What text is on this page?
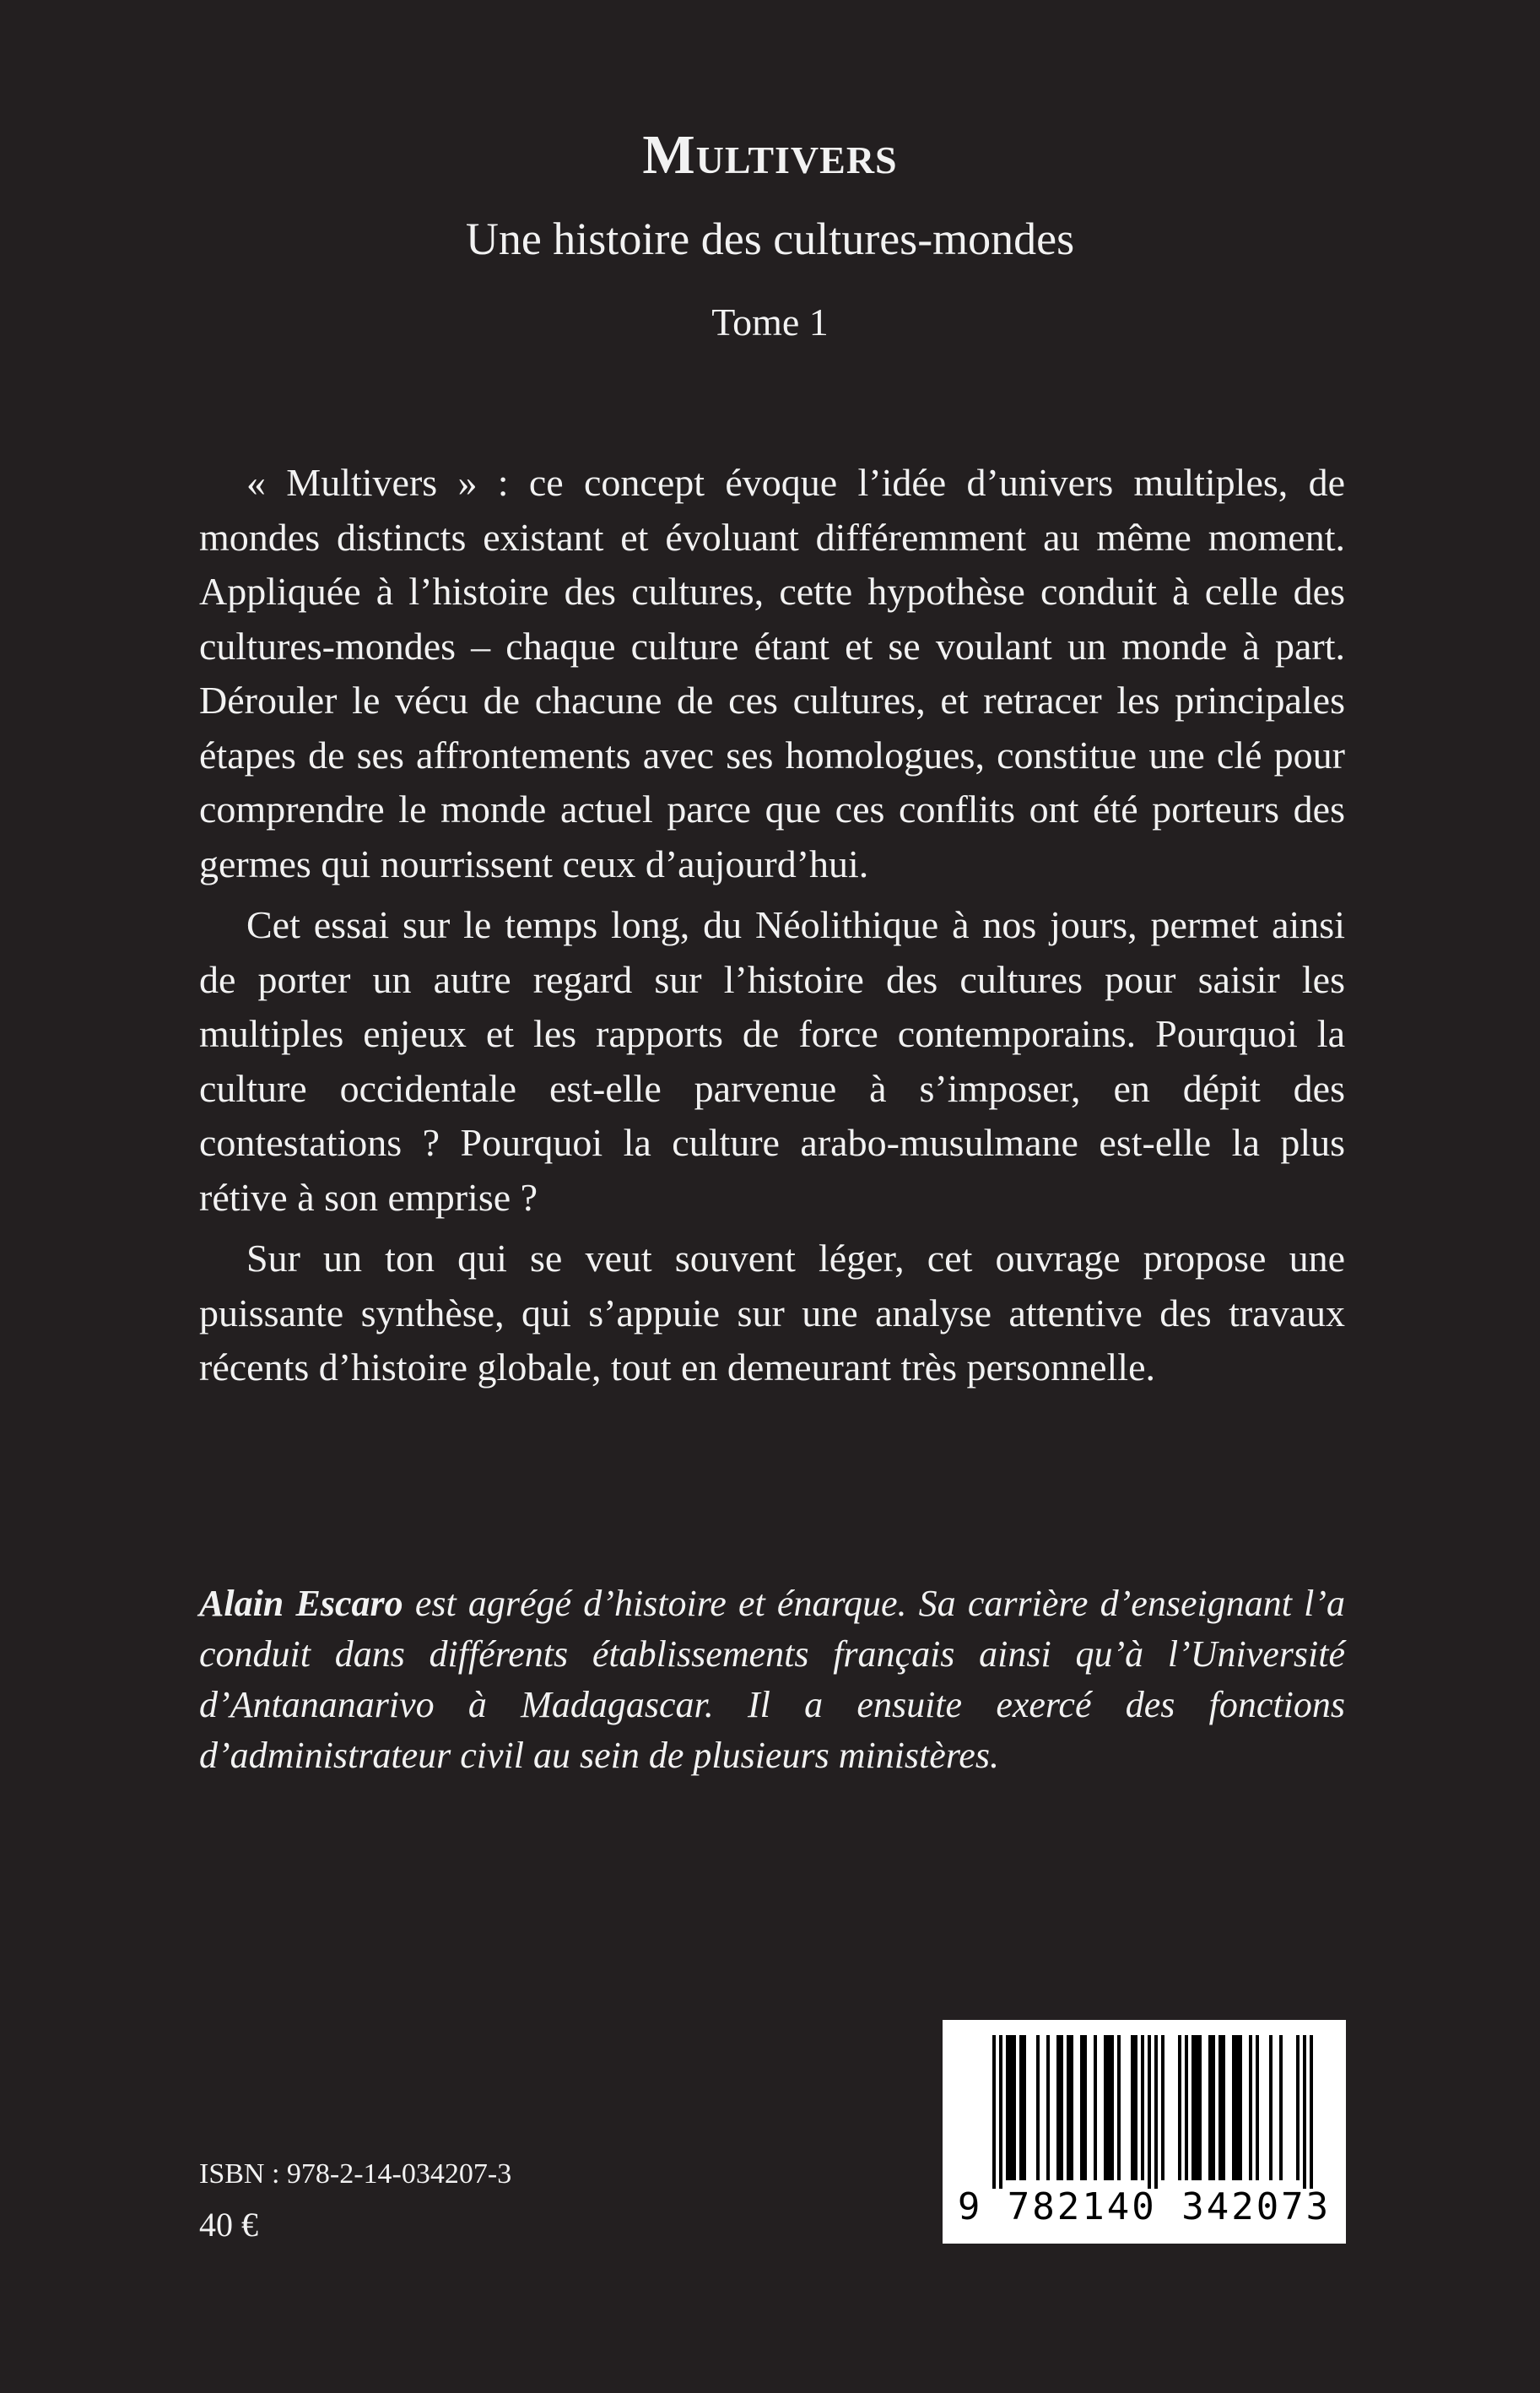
Multivers
Une histoire des cultures-mondes
Tome 1

« Multivers » : ce concept évoque l’idée d’univers multiples, de mondes distincts existant et évoluant différemment au même moment. Appliquée à l’histoire des cultures, cette hypothèse conduit à celle des cultures-mondes – chaque culture étant et se voulant un monde à part. Dérouler le vécu de chacune de ces cultures, et retracer les principales étapes de ses affrontements avec ses homologues, constitue une clé pour comprendre le monde actuel parce que ces conflits ont été porteurs des germes qui nourrissent ceux d’aujourd’hui.

Cet essai sur le temps long, du Néolithique à nos jours, permet ainsi de porter un autre regard sur l’histoire des cultures pour saisir les multiples enjeux et les rapports de force contemporains. Pourquoi la culture occidentale est-elle parvenue à s’imposer, en dépit des contestations ? Pourquoi la culture arabo-musulmane est-elle la plus rétive à son emprise ?

Sur un ton qui se veut souvent léger, cet ouvrage propose une puissante synthèse, qui s’appuie sur une analyse attentive des travaux récents d’histoire globale, tout en demeurant très personnelle.

Alain Escaro est agrégé d’histoire et énarque. Sa carrière d’enseignant l’a conduit dans différents établissements français ainsi qu’à l’Université d’Antananarivo à Madagascar. Il a ensuite exercé des fonctions d’administrateur civil au sein de plusieurs ministères.
ISBN : 978-2-14-034207-3
40 €	9 782140 342073
